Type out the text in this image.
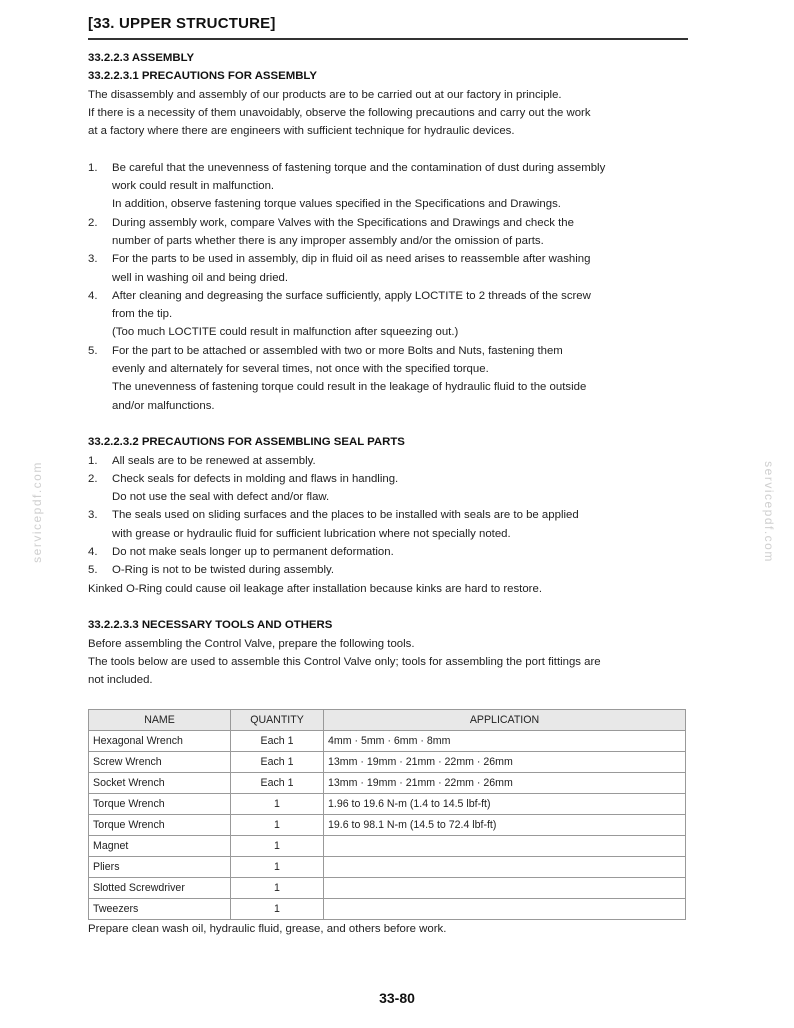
[33. UPPER STRUCTURE]
servicepdf.com	servicepdf.com

33.2.2.3 ASSEMBLY

33.2.2.3.1 PRECAUTIONS FOR ASSEMBLY

The disassembly and assembly of our products are to be carried out at our factory in principle.

If there is a necessity of them unavoidably, observe the following precautions and carry out the work

at a factory where there are engineers with sufficient technique for hydraulic devices.

1.	Be careful that the unevenness of fastening torque and the contamination of dust during assembly

work could result in malfunction.

In addition, observe fastening torque values specified in the Specifications and Drawings.

2.	During assembly work, compare Valves with the Specifications and Drawings and check the

number of parts whether there is any improper assembly and/or the omission of parts.

3.	For the parts to be used in assembly, dip in fluid oil as need arises to reassemble after washing

well in washing oil and being dried.

4.	After cleaning and degreasing the surface sufficiently, apply LOCTITE to 2 threads of the screw

from the tip.

(Too much LOCTITE could result in malfunction after squeezing out.)

5.	For the part to be attached or assembled with two or more Bolts and Nuts, fastening them

evenly and alternately for several times, not once with the specified torque.

The unevenness of fastening torque could result in the leakage of hydraulic fluid to the outside

and/or malfunctions.

33.2.2.3.2 PRECAUTIONS FOR ASSEMBLING SEAL PARTS

1.	All seals are to be renewed at assembly.

2.	Check seals for defects in molding and flaws in handling.

Do not use the seal with defect and/or flaw.

3.	The seals used on sliding surfaces and the places to be installed with seals are to be applied

with grease or hydraulic fluid for sufficient lubrication where not specially noted.

4.	Do not make seals longer up to permanent deformation.

5.	O-Ring is not to be twisted during assembly.

Kinked O-Ring could cause oil leakage after installation because kinks are hard to restore.

33.2.2.3.3 NECESSARY TOOLS AND OTHERS

Before assembling the Control Valve, prepare the following tools.

The tools below are used to assemble this Control Valve only; tools for assembling the port fittings are

not included.

NAME	QUANTITY	APPLICATION
Hexagonal Wrench	Each 1	4mm · 5mm · 6mm · 8mm
Screw Wrench	Each 1	13mm · 19mm · 21mm · 22mm · 26mm
Socket Wrench	Each 1	13mm · 19mm · 21mm · 22mm · 26mm
Torque Wrench	1	1.96 to 19.6 N-m (1.4 to 14.5 lbf-ft)
Torque Wrench	1	19.6 to 98.1 N-m (14.5 to 72.4 lbf-ft)
Magnet	1	
Pliers	1	
Slotted Screwdriver	1	
Tweezers	1	

Prepare clean wash oil, hydraulic fluid, grease, and others before work.

33-80
